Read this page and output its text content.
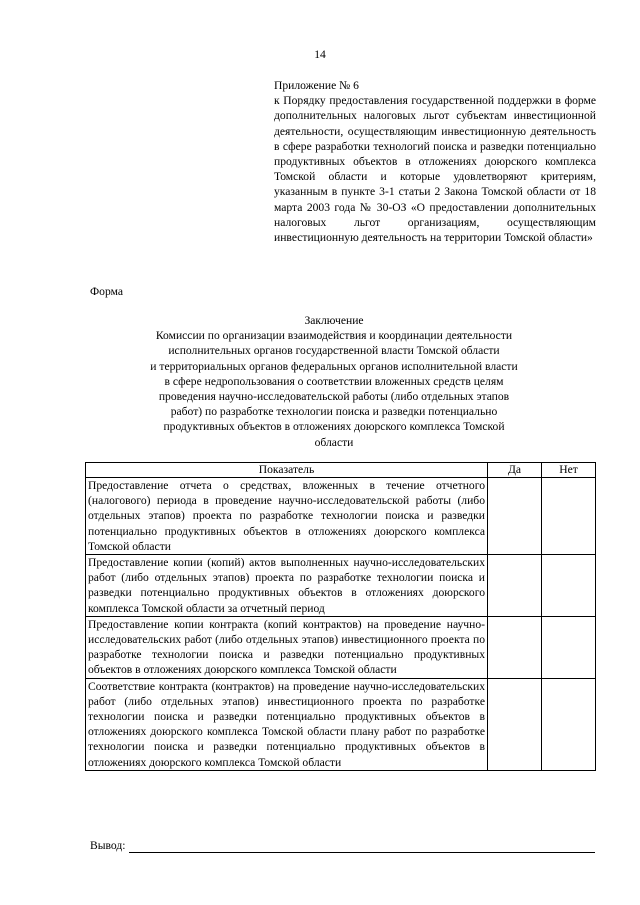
14
Приложение № 6
к Порядку предоставления государственной поддержки в форме дополнительных налоговых льгот субъектам инвестиционной деятельности, осуществляющим инвестиционную деятельность в сфере разработки технологий поиска и разведки потенциально продуктивных объектов в отложениях доюрского комплекса Томской области и которые удовлетворяют критериям, указанным в пункте 3-1 статьи 2 Закона Томской области от 18 марта 2003 года № 30-ОЗ «О предоставлении дополнительных налоговых льгот организациям, осуществляющим инвестиционную деятельность на территории Томской области»
Форма
Заключение
Комиссии по организации взаимодействия и координации деятельности
исполнительных органов государственной власти Томской области
и территориальных органов федеральных органов исполнительной власти
в сфере недропользования о соответствии вложенных средств целям
проведения научно-исследовательской работы (либо отдельных этапов
работ) по разработке технологии поиска и разведки потенциально
продуктивных объектов в отложениях доюрского комплекса Томской
области
Показатель	Да	Нет
Предоставление отчета о средствах, вложенных в течение отчетного (налогового) периода в проведение научно-исследовательской работы (либо отдельных этапов) проекта по разработке технологии поиска и разведки потенциально продуктивных объектов в отложениях доюрского комплекса Томской области		
Предоставление копии (копий) актов выполненных научно-исследовательских работ (либо отдельных этапов) проекта по разработке технологии поиска и разведки потенциально продуктивных объектов в отложениях доюрского комплекса Томской области за отчетный период		
Предоставление копии контракта (копий контрактов) на проведение научно-исследовательских работ (либо отдельных этапов) инвестиционного проекта по разработке технологии поиска и разведки потенциально продуктивных объектов в отложениях доюрского комплекса Томской области		
Соответствие контракта (контрактов) на проведение научно-исследовательских работ (либо отдельных этапов) инвестиционного проекта по разработке технологии поиска и разведки потенциально продуктивных объектов в отложениях доюрского комплекса Томской области плану работ по разработке технологии поиска и разведки потенциально продуктивных объектов в отложениях доюрского комплекса Томской области		
Вывод:
